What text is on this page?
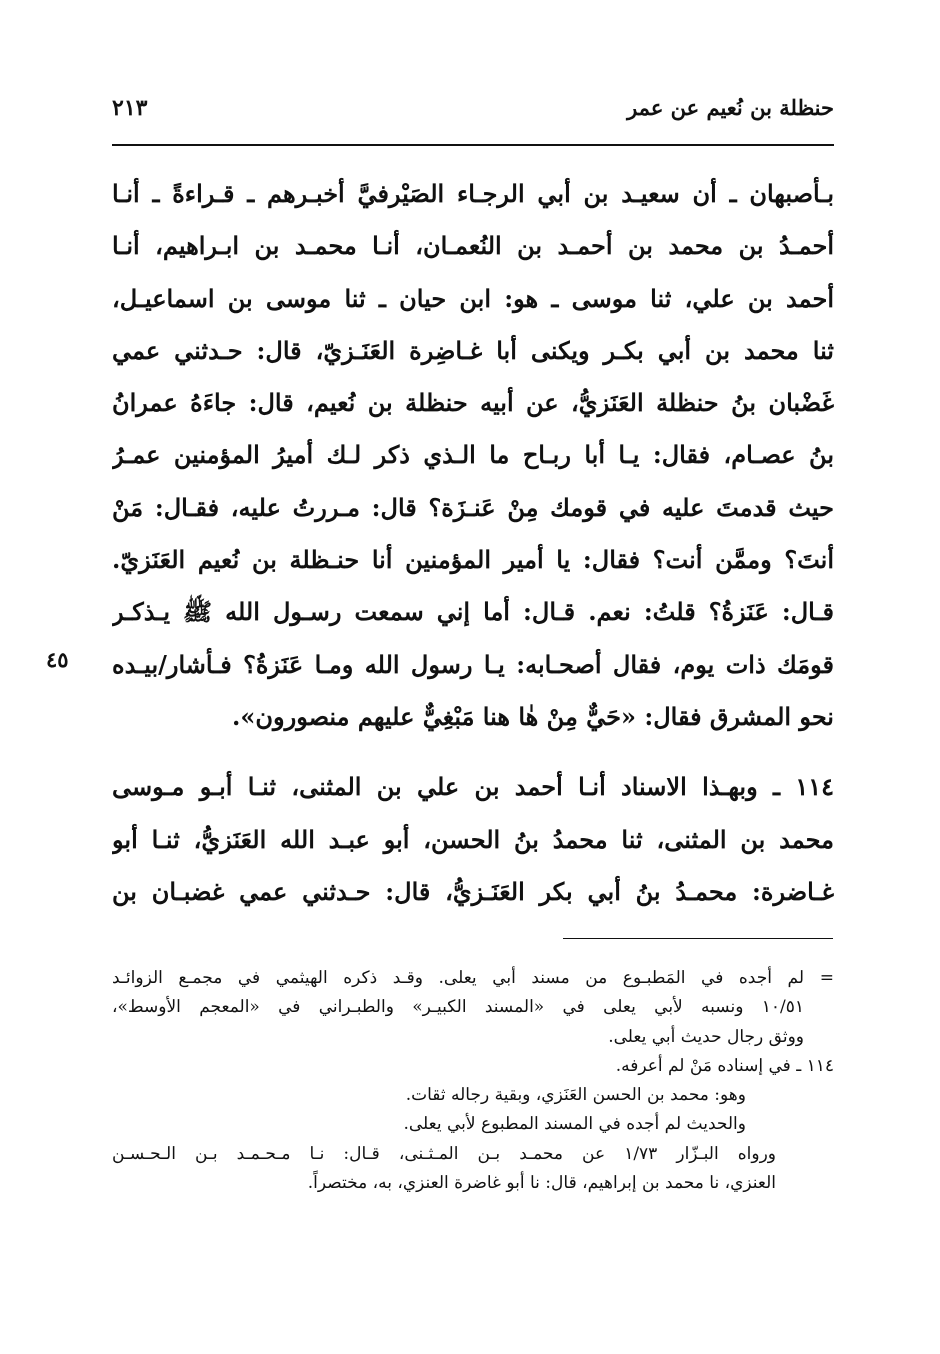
حنظلة بن نُعيم عن عمر
٢١٣
بـأصبهان ـ أن سعيـد بن أبي الرجـاء الصَيْرفيَّ أخبـرهم ـ قـراءةً ـ أنـا
أحمـدُ بن محمد بن أحمـد بن النُعمـان، أنـا محمـد بن ابـراهيم، أنـا
أحمد بن علي، ثنا موسى ـ هو: ابن حيان ـ ثنا موسى بن اسماعيـل،
ثنا محمد بن أبي بكـر ويكنى أبا غـاضِرة العَنَـزيّ، قال: حـدثني عمي
غَضْبان بنُ حنظلة العَنَزيُّ، عن أبيه حنظلة بن نُعيم، قال: جاءَهُ عمرانُ
بنُ عصـام، فقال: يـا أبا ربـاح ما الـذي ذكر لـك أميرُ المؤمنين عمـرُ
حيث قدمتَ عليه في قومك مِنْ عَنـزَة؟ قال: مـررتُ عليه، فقـال: مَنْ
أنتَ؟ وممَّن أنت؟ فقال: يا أمير المؤمنين أنا حنـظلة بن نُعيم العَنَزيّ.
قـال: عَنَزةُ؟ قلتُ: نعم. قـال: أما إني سمعت رسـول الله ﷺ يـذكـر
قومَك ذات يوم، فقال أصحـابه: يـا رسول الله ومـا عَنَزةُ؟ فـأشار/بيـده
نحو المشرق فقال: «حَيٌّ مِنْ هٰا هنا مَبْغِيٌّ عليهم منصورون».
١١٤ ـ وبهـذا الاسناد أنـا أحمد بن علي بن المثنى، ثنـا أبـو مـوسى
محمد بن المثنى، ثنا محمدُ بنُ الحسن، أبو عبـد الله العَنَزيُّ، ثنـا أبو
غـاضرة: محمـدُ بنُ أبي بكر العَنَـزيُّ، قال: حـدثني عمي غضبـان بن
٤٥
=لم أجده في المَطبـوع من مسند أبي يعلى. وقـد ذكره الهيثمي في مجمـع الزوائـد
١٠/٥١ ونسبه لأبي يعلى في «المسند الكبيـر» والطبـراني في «المعجم الأوسط»،
ووثق رجال حديث أبي يعلى.
١١٤ ـ في إسناده مَنْ لم أعرفه.
وهو: محمد بن الحسن العَنَزي، وبقية رجاله ثقات.
والحديث لم أجده في المسند المطبوع لأبي يعلى.
ورواه البـزّار ١/٧٣ عن محمـد بـن المـثـنى، قـال: نـا مـحـمـد بـن الـحـسـن
العنزي، نا محمد بن إبراهيم، قال: نا أبو غاضرة العنزي، به، مختصراً.
